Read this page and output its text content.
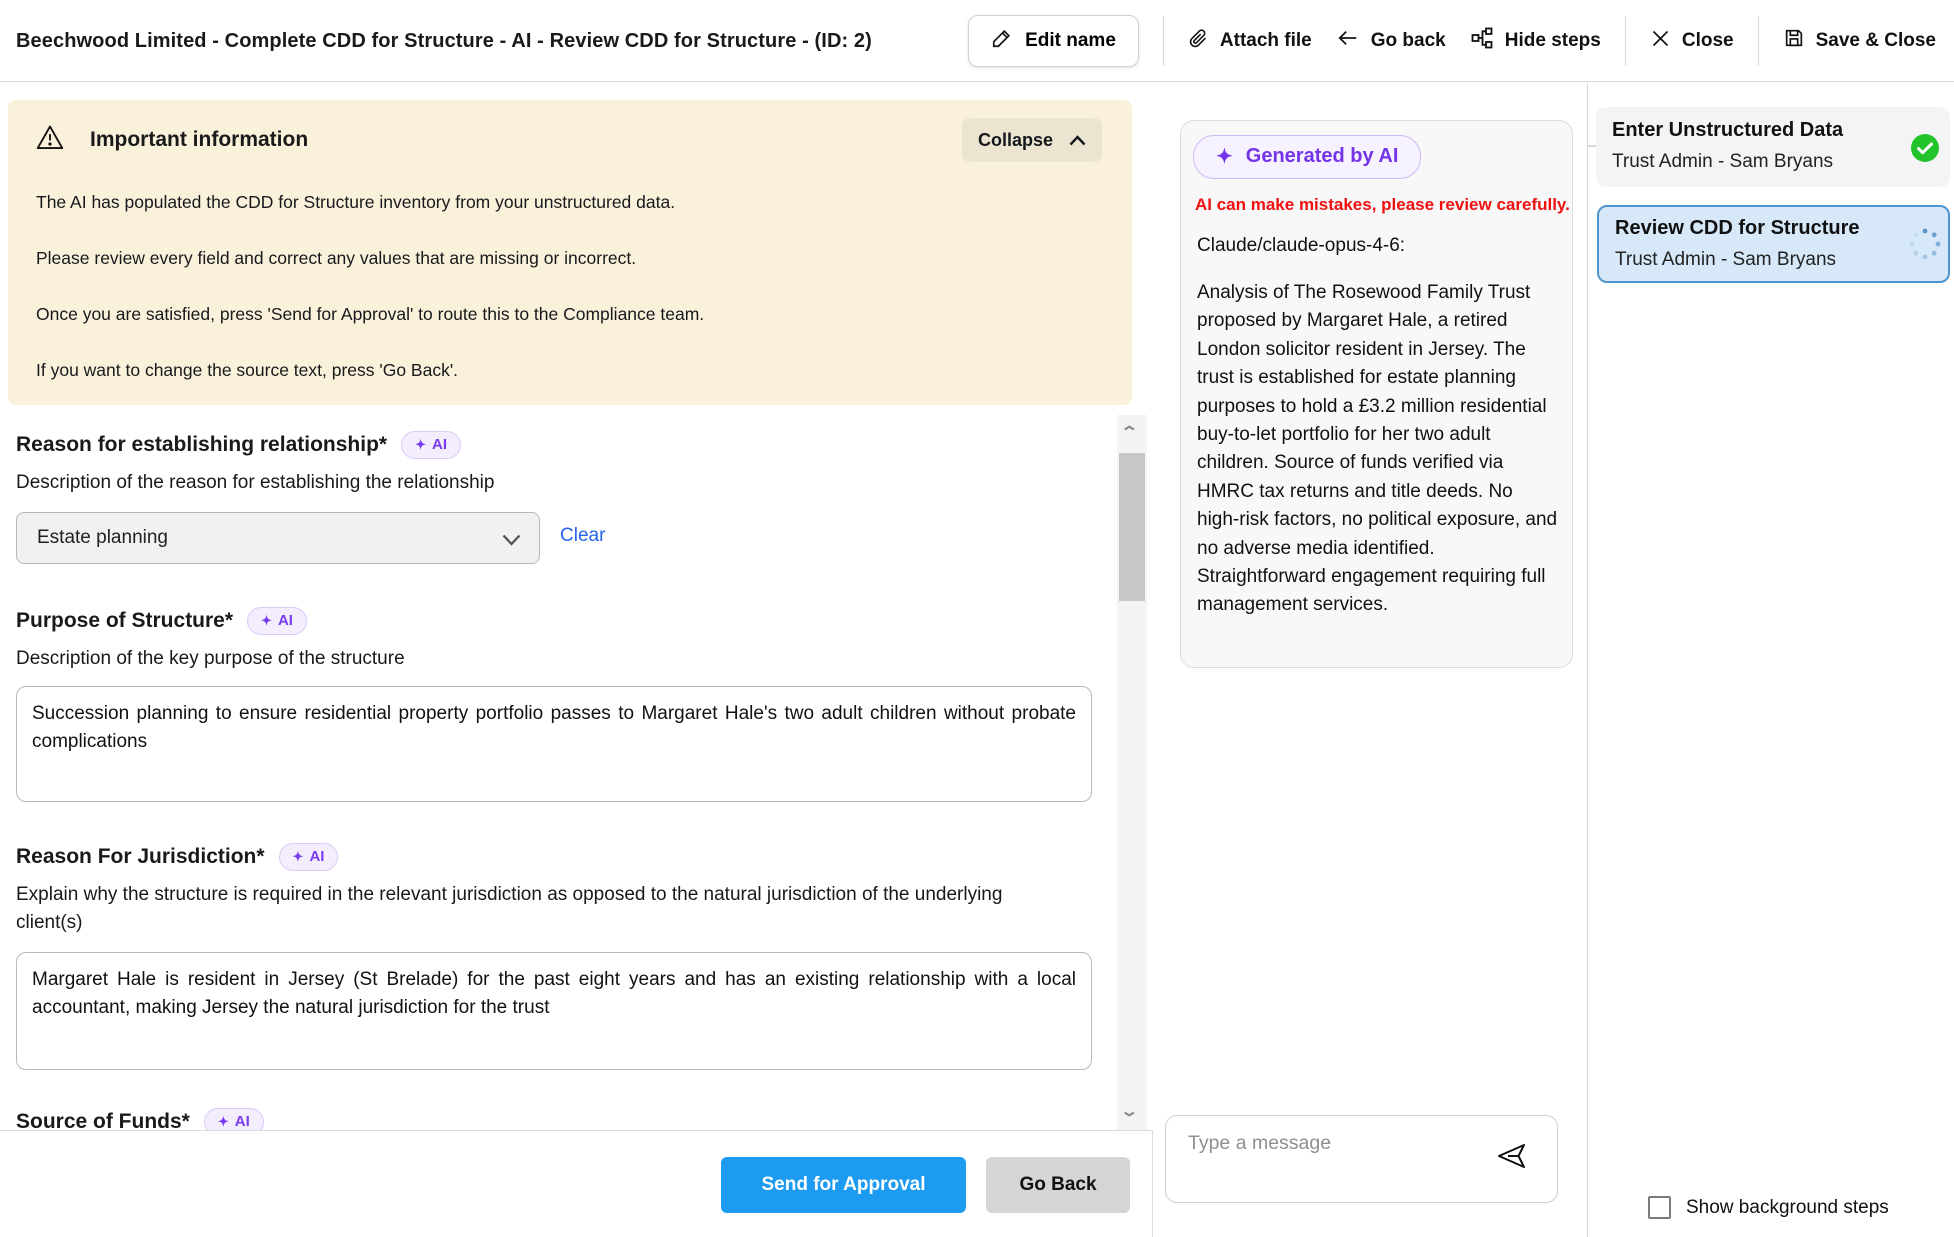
Beechwood Limited - Complete CDD for Structure - AI - Review CDD for Structure - (ID: 2)	Edit name	Attach file	Go back	Hide steps	Close	Save & Close
Important information	Collapse
The AI has populated the CDD for Structure inventory from your unstructured data.
Please review every field and correct any values that are missing or incorrect.
Once you are satisfied, press 'Send for Approval' to route this to the Compliance team.
If you want to change the source text, press 'Go Back'.
Reason for establishing relationship* ✦ AI
Description of the reason for establishing the relationship
Estate planning	Clear
Purpose of Structure* ✦ AI
Description of the key purpose of the structure
Succession planning to ensure residential property portfolio passes to Margaret Hale's two adult children without probate complications
Reason For Jurisdiction* ✦ AI
Explain why the structure is required in the relevant jurisdiction as opposed to the natural jurisdiction of the underlying client(s)
Margaret Hale is resident in Jersey (St Brelade) for the past eight years and has an existing relationship with a local accountant, making Jersey the natural jurisdiction for the trust
Source of Funds* ✦ AI
⌃
⌄
Send for Approval	Go Back
✦ Generated by AI
AI can make mistakes, please review carefully.
Claude/claude-opus-4-6:
Analysis of The Rosewood Family Trust proposed by Margaret Hale, a retired London solicitor resident in Jersey. The trust is established for estate planning purposes to hold a £3.2 million residential buy-to-let portfolio for her two adult children. Source of funds verified via HMRC tax returns and title deeds. No high-risk factors, no political exposure, and no adverse media identified. Straightforward engagement requiring full management services.
Type a message
Enter Unstructured Data
Trust Admin - Sam Bryans
Review CDD for Structure
Trust Admin - Sam Bryans
Show background steps
